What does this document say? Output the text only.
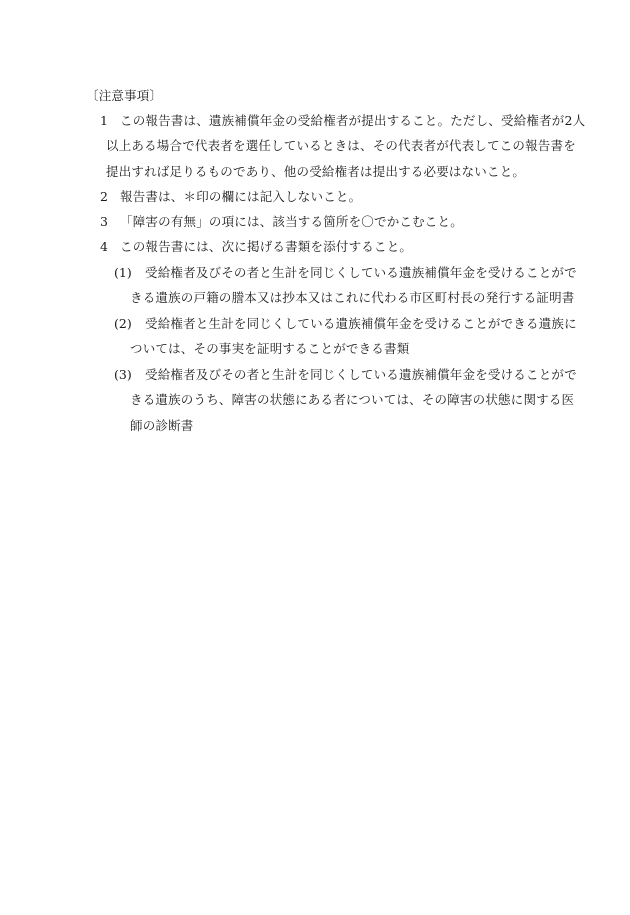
〔注意事項〕
1 この報告書は、遺族補償年金の受給権者が提出すること。ただし、受給権者が2人
以上ある場合で代表者を選任しているときは、その代表者が代表してこの報告書を
提出すれば足りるものであり、他の受給権者は提出する必要はないこと。
2 報告書は、＊印の欄には記入しないこと。
3 「障害の有無」の項には、該当する箇所を〇でかこむこと。
4 この報告書には、次に掲げる書類を添付すること。
(1) 受給権者及びその者と生計を同じくしている遺族補償年金を受けることがで
きる遺族の戸籍の謄本又は抄本又はこれに代わる市区町村長の発行する証明書
(2) 受給権者と生計を同じくしている遺族補償年金を受けることができる遺族に
ついては、その事実を証明することができる書類
(3) 受給権者及びその者と生計を同じくしている遺族補償年金を受けることがで
きる遺族のうち、障害の状態にある者については、その障害の状態に関する医
師の診断書
